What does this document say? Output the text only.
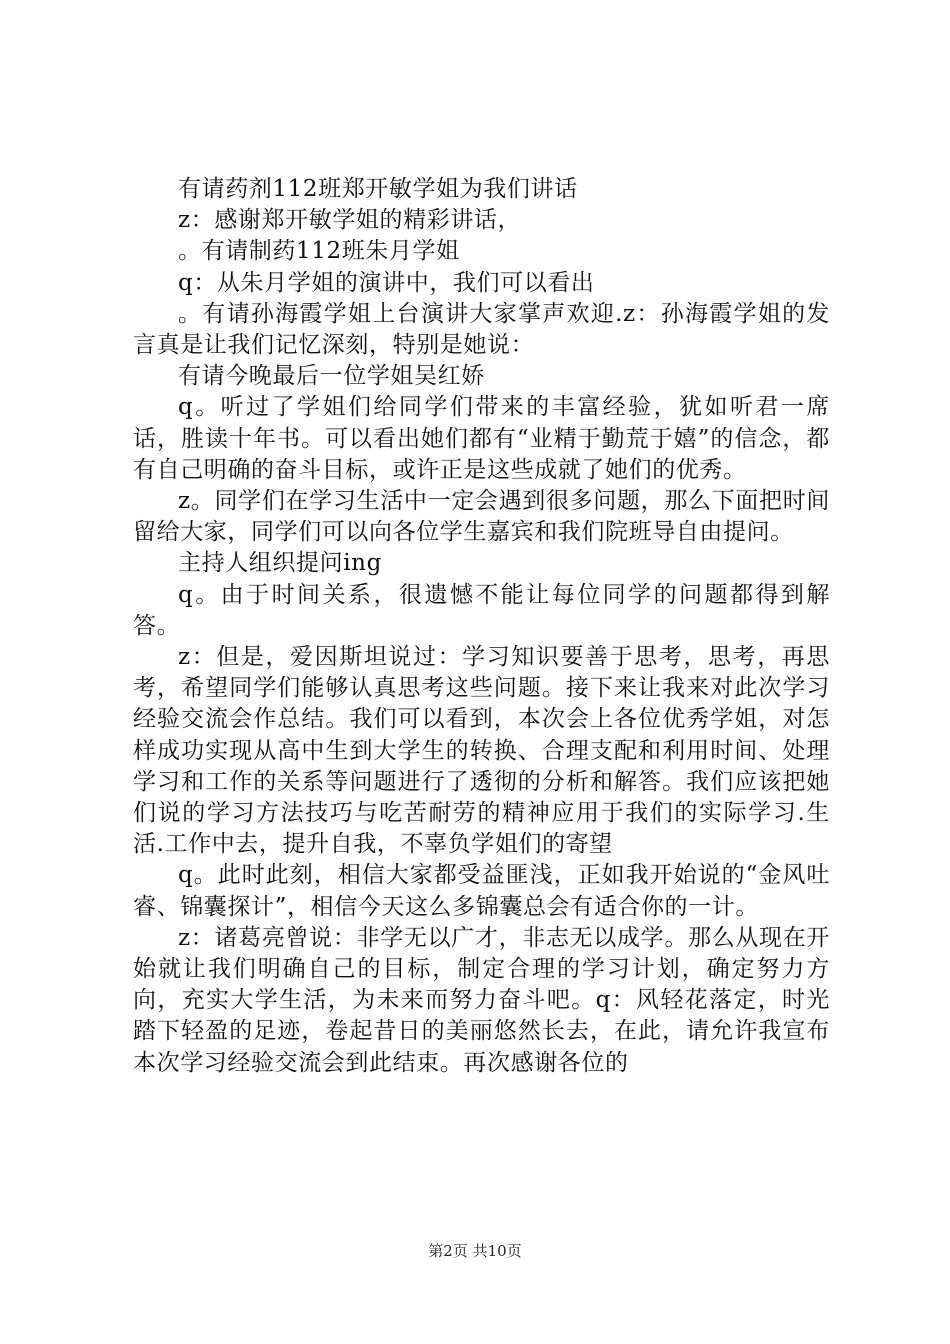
有请药剂112班郑开敏学姐为我们讲话

z：感谢郑开敏学姐的精彩讲话，

。有请制药112班朱月学姐

q：从朱月学姐的演讲中，我们可以看出

。有请孙海霞学姐上台演讲大家掌声欢迎.z：孙海霞学姐的发言真是让我们记忆深刻，特别是她说：

有请今晚最后一位学姐吴红娇

q。听过了学姐们给同学们带来的丰富经验，犹如听君一席话，胜读十年书。可以看出她们都有“业精于勤荒于嬉”的信念，都有自己明确的奋斗目标，或许正是这些成就了她们的优秀。

z。同学们在学习生活中一定会遇到很多问题，那么下面把时间留给大家，同学们可以向各位学生嘉宾和我们院班导自由提问。

主持人组织提问ing

q。由于时间关系，很遗憾不能让每位同学的问题都得到解答。

z：但是，爱因斯坦说过：学习知识要善于思考，思考，再思考，希望同学们能够认真思考这些问题。接下来让我来对此次学习经验交流会作总结。我们可以看到，本次会上各位优秀学姐，对怎样成功实现从高中生到大学生的转换、合理支配和利用时间、处理学习和工作的关系等问题进行了透彻的分析和解答。我们应该把她们说的学习方法技巧与吃苦耐劳的精神应用于我们的实际学习.生活.工作中去，提升自我，不辜负学姐们的寄望

q。此时此刻，相信大家都受益匪浅，正如我开始说的“金风吐睿、锦囊探计”，相信今天这么多锦囊总会有适合你的一计。

z：诸葛亮曾说：非学无以广才，非志无以成学。那么从现在开始就让我们明确自己的目标，制定合理的学习计划，确定努力方向，充实大学生活，为未来而努力奋斗吧。q：风轻花落定，时光踏下轻盈的足迹，卷起昔日的美丽悠然长去，在此，请允许我宣布本次学习经验交流会到此结束。再次感谢各位的

第2页 共10页
